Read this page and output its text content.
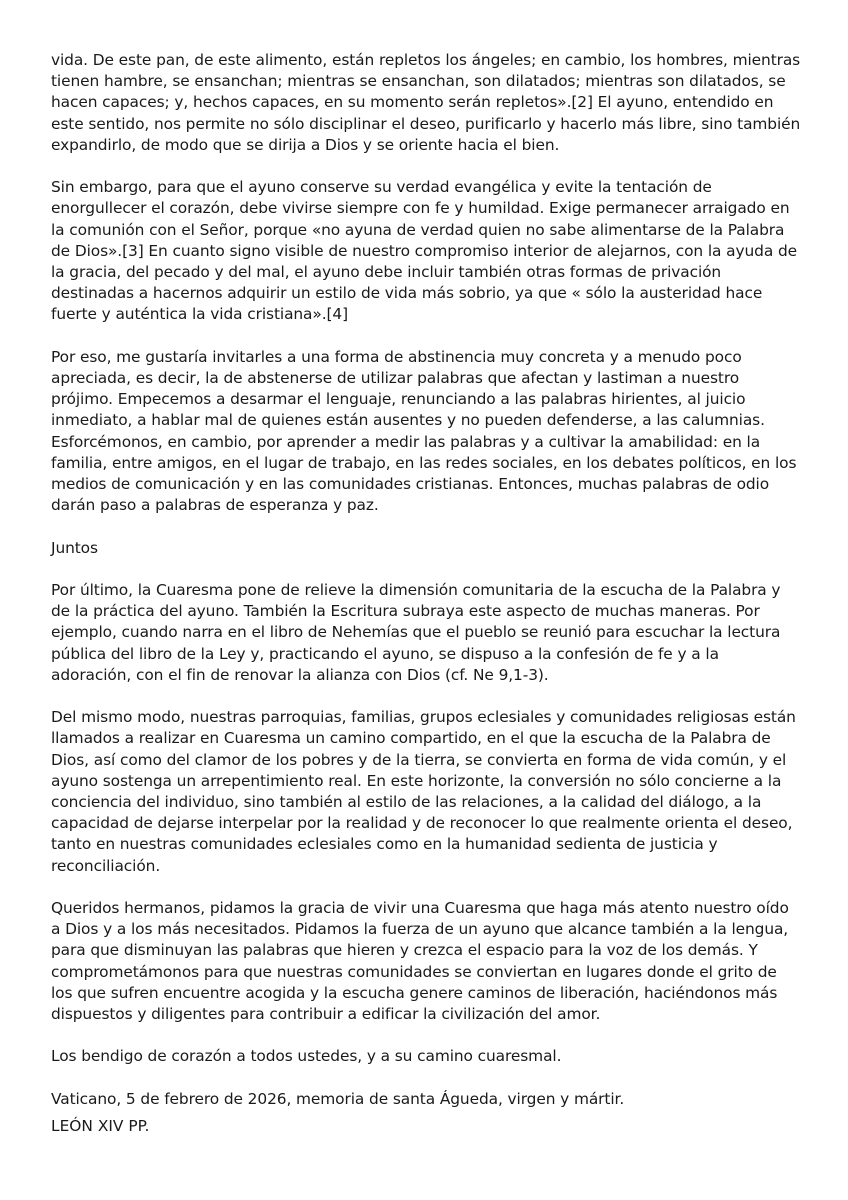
vida. De este pan, de este alimento, están repletos los ángeles; en cambio, los hombres, mientras tienen hambre, se ensanchan; mientras se ensanchan, son dilatados; mientras son dilatados, se hacen capaces; y, hechos capaces, en su momento serán repletos».[2] El ayuno, entendido en este sentido, nos permite no sólo disciplinar el deseo, purificarlo y hacerlo más libre, sino también expandirlo, de modo que se dirija a Dios y se oriente hacia el bien.

Sin embargo, para que el ayuno conserve su verdad evangélica y evite la tentación de enorgullecer el corazón, debe vivirse siempre con fe y humildad. Exige permanecer arraigado en la comunión con el Señor, porque «no ayuna de verdad quien no sabe alimentarse de la Palabra de Dios».[3] En cuanto signo visible de nuestro compromiso interior de alejarnos, con la ayuda de la gracia, del pecado y del mal, el ayuno debe incluir también otras formas de privación destinadas a hacernos adquirir un estilo de vida más sobrio, ya que « sólo la austeridad hace fuerte y auténtica la vida cristiana».[4]

Por eso, me gustaría invitarles a una forma de abstinencia muy concreta y a menudo poco apreciada, es decir, la de abstenerse de utilizar palabras que afectan y lastiman a nuestro prójimo. Empecemos a desarmar el lenguaje, renunciando a las palabras hirientes, al juicio inmediato, a hablar mal de quienes están ausentes y no pueden defenderse, a las calumnias. Esforcémonos, en cambio, por aprender a medir las palabras y a cultivar la amabilidad: en la familia, entre amigos, en el lugar de trabajo, en las redes sociales, en los debates políticos, en los medios de comunicación y en las comunidades cristianas. Entonces, muchas palabras de odio darán paso a palabras de esperanza y paz.

Juntos

Por último, la Cuaresma pone de relieve la dimensión comunitaria de la escucha de la Palabra y de la práctica del ayuno. También la Escritura subraya este aspecto de muchas maneras. Por ejemplo, cuando narra en el libro de Nehemías que el pueblo se reunió para escuchar la lectura pública del libro de la Ley y, practicando el ayuno, se dispuso a la confesión de fe y a la adoración, con el fin de renovar la alianza con Dios (cf. Ne 9,1-3).

Del mismo modo, nuestras parroquias, familias, grupos eclesiales y comunidades religiosas están llamados a realizar en Cuaresma un camino compartido, en el que la escucha de la Palabra de Dios, así como del clamor de los pobres y de la tierra, se convierta en forma de vida común, y el ayuno sostenga un arrepentimiento real. En este horizonte, la conversión no sólo concierne a la conciencia del individuo, sino también al estilo de las relaciones, a la calidad del diálogo, a la capacidad de dejarse interpelar por la realidad y de reconocer lo que realmente orienta el deseo, tanto en nuestras comunidades eclesiales como en la humanidad sedienta de justicia y reconciliación.

Queridos hermanos, pidamos la gracia de vivir una Cuaresma que haga más atento nuestro oído a Dios y a los más necesitados. Pidamos la fuerza de un ayuno que alcance también a la lengua, para que disminuyan las palabras que hieren y crezca el espacio para la voz de los demás. Y comprometámonos para que nuestras comunidades se conviertan en lugares donde el grito de los que sufren encuentre acogida y la escucha genere caminos de liberación, haciéndonos más dispuestos y diligentes para contribuir a edificar la civilización del amor.

Los bendigo de corazón a todos ustedes, y a su camino cuaresmal.

Vaticano, 5 de febrero de 2026, memoria de santa Águeda, virgen y mártir.

LEÓN XIV PP.
